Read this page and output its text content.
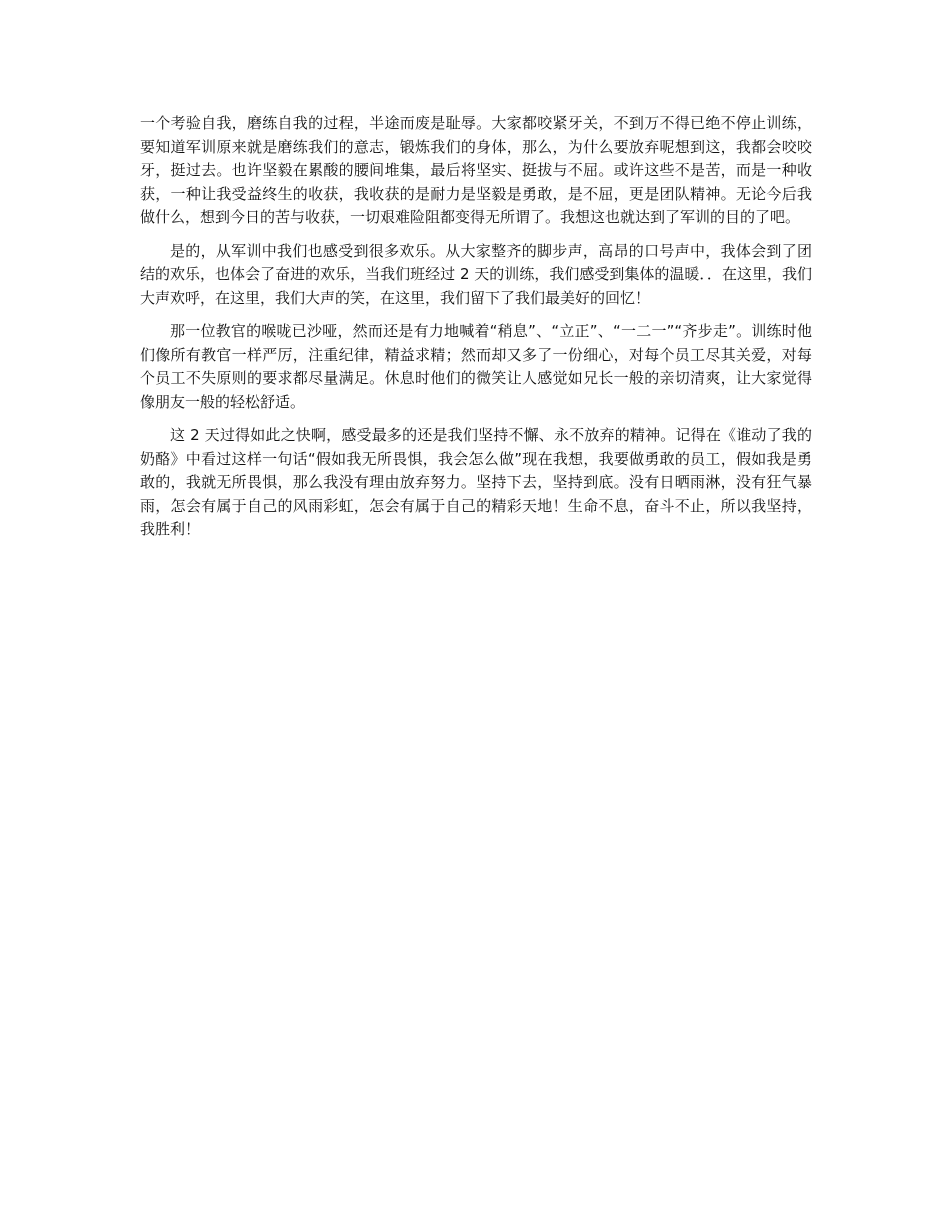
一个考验自我，磨练自我的过程，半途而废是耻辱。大家都咬紧牙关，不到万不得已绝不停止训练，要知道军训原来就是磨练我们的意志，锻炼我们的身体，那么，为什么要放弃呢想到这，我都会咬咬牙，挺过去。也许坚毅在累酸的腰间堆集，最后将坚实、挺拔与不屈。或许这些不是苦，而是一种收获，一种让我受益终生的收获，我收获的是耐力是坚毅是勇敢，是不屈，更是团队精神。无论今后我做什么，想到今日的苦与收获，一切艰难险阻都变得无所谓了。我想这也就达到了军训的目的了吧。

是的，从军训中我们也感受到很多欢乐。从大家整齐的脚步声，高昂的口号声中，我体会到了团结的欢乐，也体会了奋进的欢乐，当我们班经过 2 天的训练，我们感受到集体的温暖．．在这里，我们大声欢呼，在这里，我们大声的笑，在这里，我们留下了我们最美好的回忆！

那一位教官的喉咙已沙哑，然而还是有力地喊着“稍息”、“立正”、“一二一”“齐步走”。训练时他们像所有教官一样严厉，注重纪律，精益求精；然而却又多了一份细心，对每个员工尽其关爱，对每个员工不失原则的要求都尽量满足。休息时他们的微笑让人感觉如兄长一般的亲切清爽，让大家觉得像朋友一般的轻松舒适。

这 2 天过得如此之快啊，感受最多的还是我们坚持不懈、永不放弃的精神。记得在《谁动了我的奶酪》中看过这样一句话“假如我无所畏惧，我会怎么做”现在我想，我要做勇敢的员工，假如我是勇敢的，我就无所畏惧，那么我没有理由放弃努力。坚持下去，坚持到底。没有日晒雨淋，没有狂气暴雨，怎会有属于自己的风雨彩虹，怎会有属于自己的精彩天地！生命不息，奋斗不止，所以我坚持，我胜利！
